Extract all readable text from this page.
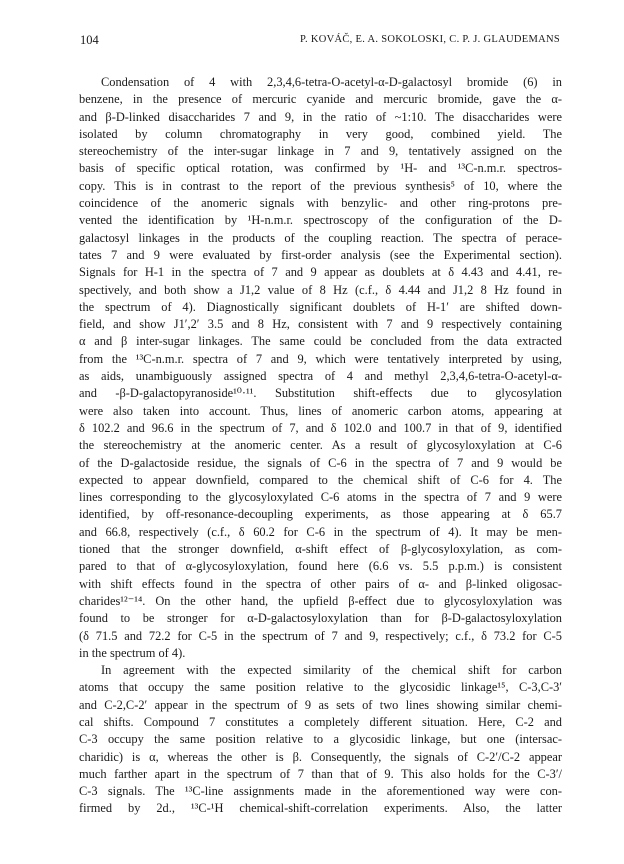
104	P. KOVÁČ, E. A. SOKOLOSKI, C. P. J. GLAUDEMANS
Condensation of 4 with 2,3,4,6-tetra-O-acetyl-α-D-galactosyl bromide (6) in
benzene, in the presence of mercuric cyanide and mercuric bromide, gave the α-
and β-D-linked disaccharides 7 and 9, in the ratio of ~1:10. The disaccharides were
isolated by column chromatography in very good, combined yield. The
stereochemistry of the inter-sugar linkage in 7 and 9, tentatively assigned on the
basis of specific optical rotation, was confirmed by ¹H- and ¹³C-n.m.r. spectros-
copy. This is in contrast to the report of the previous synthesis⁵ of 10, where the
coincidence of the anomeric signals with benzylic- and other ring-protons pre-
vented the identification by ¹H-n.m.r. spectroscopy of the configuration of the D-
galactosyl linkages in the products of the coupling reaction. The spectra of perace-
tates 7 and 9 were evaluated by first-order analysis (see the Experimental section).
Signals for H-1 in the spectra of 7 and 9 appear as doublets at δ 4.43 and 4.41, re-
spectively, and both show a J1,2 value of 8 Hz (c.f., δ 4.44 and J1,2 8 Hz found in
the spectrum of 4). Diagnostically significant doublets of H-1′ are shifted down-
field, and show J1′,2′ 3.5 and 8 Hz, consistent with 7 and 9 respectively containing
α and β inter-sugar linkages. The same could be concluded from the data extracted
from the ¹³C-n.m.r. spectra of 7 and 9, which were tentatively interpreted by using,
as aids, unambiguously assigned spectra of 4 and methyl 2,3,4,6-tetra-O-acetyl-α-
and -β-D-galactopyranoside¹⁰·¹¹. Substitution shift-effects due to glycosylation
were also taken into account. Thus, lines of anomeric carbon atoms, appearing at
δ 102.2 and 96.6 in the spectrum of 7, and δ 102.0 and 100.7 in that of 9, identified
the stereochemistry at the anomeric center. As a result of glycosyloxylation at C-6
of the D-galactoside residue, the signals of C-6 in the spectra of 7 and 9 would be
expected to appear downfield, compared to the chemical shift of C-6 for 4. The
lines corresponding to the glycosyloxylated C-6 atoms in the spectra of 7 and 9 were
identified, by off-resonance-decoupling experiments, as those appearing at δ 65.7
and 66.8, respectively (c.f., δ 60.2 for C-6 in the spectrum of 4). It may be men-
tioned that the stronger downfield, α-shift effect of β-glycosyloxylation, as com-
pared to that of α-glycosyloxylation, found here (6.6 vs. 5.5 p.p.m.) is consistent
with shift effects found in the spectra of other pairs of α- and β-linked oligosac-
charides¹²⁻¹⁴. On the other hand, the upfield β-effect due to glycosyloxylation was
found to be stronger for α-D-galactosyloxylation than for β-D-galactosyloxylation
(δ 71.5 and 72.2 for C-5 in the spectrum of 7 and 9, respectively; c.f., δ 73.2 for C-5
in the spectrum of 4).
In agreement with the expected similarity of the chemical shift for carbon
atoms that occupy the same position relative to the glycosidic linkage¹⁵, C-3,C-3′
and C-2,C-2′ appear in the spectrum of 9 as sets of two lines showing similar chemi-
cal shifts. Compound 7 constitutes a completely different situation. Here, C-2 and
C-3 occupy the same position relative to a glycosidic linkage, but one (intersac-
charidic) is α, whereas the other is β. Consequently, the signals of C-2′/C-2 appear
much farther apart in the spectrum of 7 than that of 9. This also holds for the C-3′/
C-3 signals. The ¹³C-line assignments made in the aforementioned way were con-
firmed by 2d., ¹³C-¹H chemical-shift-correlation experiments. Also, the latter
